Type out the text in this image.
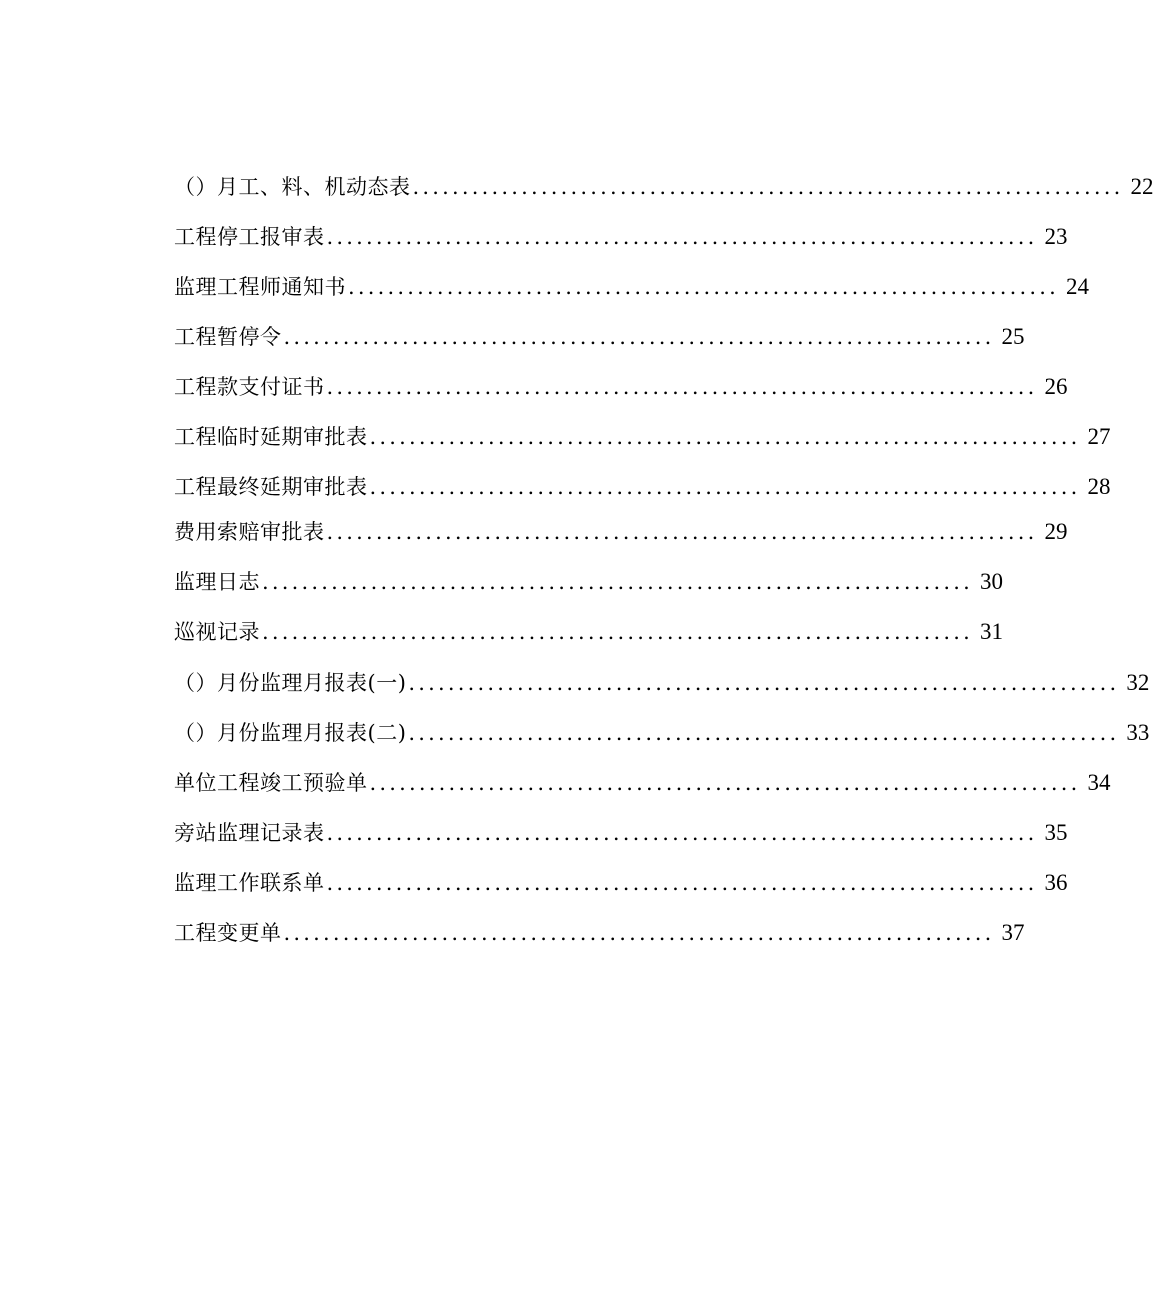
（）月工、料、机动态表 ........................................................................ 22
工程停工报审表 ........................................................................ 23
监理工程师通知书 ........................................................................ 24
工程暂停令 ........................................................................ 25
工程款支付证书 ........................................................................ 26
工程临时延期审批表 ........................................................................ 27
工程最终延期审批表 ........................................................................ 28
费用索赔审批表 ........................................................................ 29
监理日志 ........................................................................ 30
巡视记录 ........................................................................ 31
（）月份监理月报表(一) ........................................................................ 32
（）月份监理月报表(二) ........................................................................ 33
单位工程竣工预验单 ........................................................................ 34
旁站监理记录表 ........................................................................ 35
监理工作联系单 ........................................................................ 36
工程变更单 ........................................................................ 37
